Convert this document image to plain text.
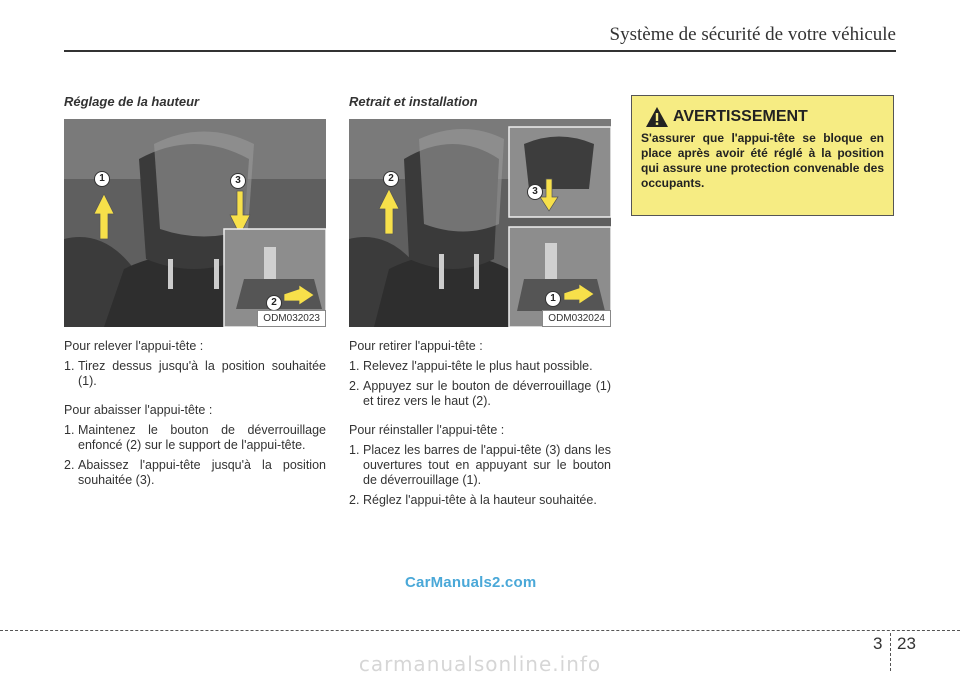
Système de sécurité de votre véhicule
Réglage de la hauteur
1	3
2
ODM032023
Pour relever l'appui-tête :
1. Tirez dessus jusqu'à la position souhaitée (1).
Pour abaisser l'appui-tête :
1. Maintenez le bouton de déverrouillage enfoncé (2) sur le support de l'appui-tête.
2. Abaissez l'appui-tête jusqu'à la position souhaitée (3).
Retrait et installation
2
3
1
ODM032024
Pour retirer l'appui-tête :
1. Relevez l'appui-tête le plus haut possible.
2. Appuyez sur le bouton de déverrouillage (1) et tirez vers le haut (2).
Pour réinstaller l'appui-tête :
1. Placez les barres de l'appui-tête (3) dans les ouvertures tout en appuyant sur le bouton de déverrouillage (1).
2. Réglez l'appui-tête à la hauteur souhaitée.
AVERTISSEMENT
S'assurer que l'appui-tête se bloque en place après avoir été réglé à la position qui assure une protection convenable des occupants.
CarManuals2.com
3 23
carmanualsonline.info
